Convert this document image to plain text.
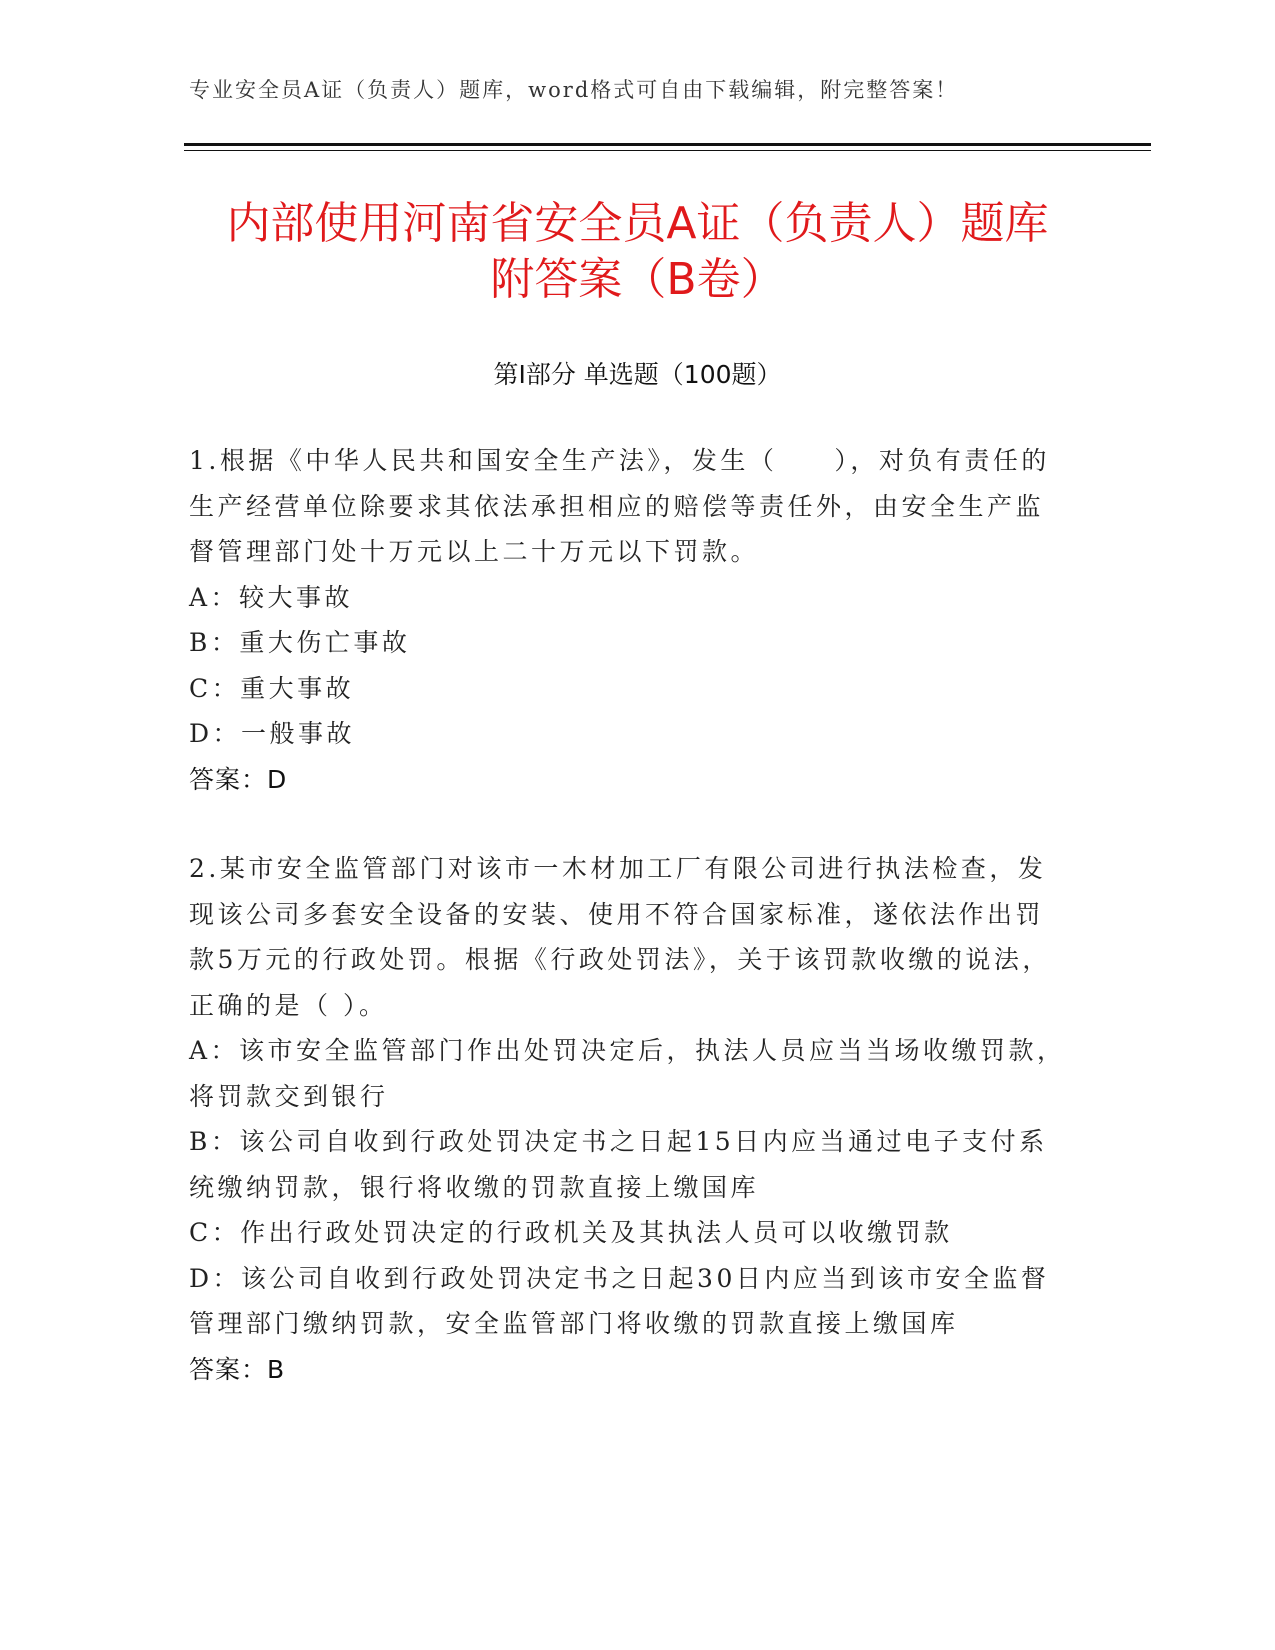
专业安全员A证（负责人）题库，word格式可自由下载编辑，附完整答案！
内部使用河南省安全员A证（负责人）题库
附答案（B卷）
第Ⅰ部分 单选题（100题）

1.根据《中华人民共和国安全生产法》，发生（　　），对负有责任的生产经营单位除要求其依法承担相应的赔偿等责任外，由安全生产监督管理部门处十万元以上二十万元以下罚款。

A：较大事故

B：重大伤亡事故

C：重大事故

D：一般事故

答案：D

2.某市安全监管部门对该市一木材加工厂有限公司进行执法检查，发现该公司多套安全设备的安装、使用不符合国家标准，遂依法作出罚款5万元的行政处罚。根据《行政处罚法》，关于该罚款收缴的说法，正确的是（ ）。

A：该市安全监管部门作出处罚决定后，执法人员应当当场收缴罚款，将罚款交到银行

B：该公司自收到行政处罚决定书之日起15日内应当通过电子支付系统缴纳罚款，银行将收缴的罚款直接上缴国库

C：作出行政处罚决定的行政机关及其执法人员可以收缴罚款

D：该公司自收到行政处罚决定书之日起30日内应当到该市安全监督管理部门缴纳罚款，安全监管部门将收缴的罚款直接上缴国库

答案：B
